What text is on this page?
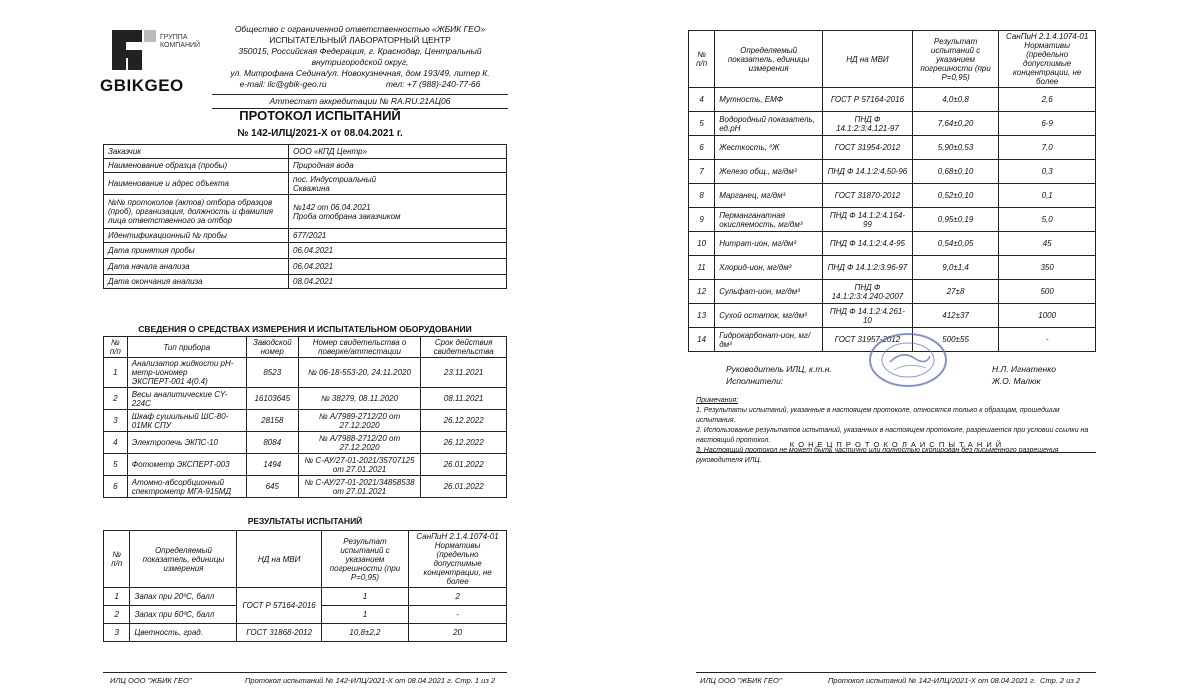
GBIKGEO
ГРУППА
КОМПАНИЙ
Общество с ограниченной ответственностью «ЖБИК ГЕО»
ИСПЫТАТЕЛЬНЫЙ ЛАБОРАТОРНЫЙ ЦЕНТР
350015, Российская Федерация, г. Краснодар, Центральный внутригородской округ,
ул. Митрофана Седина/ул. Новокузнечная, дом 193/49, литер К.
e-mail: ilc@gbik-geo.ru	тел: +7 (988)-240-77-66
Аттестат аккредитации № RA.RU.21АЦ06
ПРОТОКОЛ ИСПЫТАНИЙ
№ 142-ИЛЦ/2021-Х от 08.04.2021 г.
Заказчик	ООО «КПД Центр»
Наименование образца (пробы)	Природная вода
Наименование и адрес объекта	пос. Индустриальный
Скважина
№№ протоколов (актов) отбора образцов (проб), организация, должность и фамилия лица ответственного за отбор	№142 от 06.04.2021
Проба отобрана заказчиком
Идентификационный № пробы	677/2021
Дата принятия пробы	06.04.2021
Дата начала анализа	06.04.2021
Дата окончания анализа	08.04.2021
СВЕДЕНИЯ О СРЕДСТВАХ ИЗМЕРЕНИЯ И ИСПЫТАТЕЛЬНОМ ОБОРУДОВАНИИ
№ п/п	Тип прибора	Заводской номер	Номер свидетельства о поверке/аттестации	Срок действия свидетельства
1	Анализатор жидкости рН-метр-иономер ЭКСПЕРТ-001 4(0.4)	8523	№ 06-18-553-20, 24.11.2020	23.11.2021
2	Весы аналитические CY-224C	16103645	№ 38279, 08.11.2020	08.11.2021
3	Шкаф сушильный ШС-80-01МК СПУ	28158	№ А/7989-2712/20 от 27.12.2020	26.12.2022
4	Электропечь ЭКПС-10	8084	№ А/7988-2712/20 от 27.12.2020	26.12.2022
5	Фотометр ЭКСПЕРТ-003	1494	№ С-АУ/27-01-2021/35707125 от 27.01.2021	26.01.2022
6	Атомно-абсорбционный спектрометр МГА-915МД	645	№ С-АУ/27-01-2021/34858538 от 27.01.2021	26.01.2022
РЕЗУЛЬТАТЫ ИСПЫТАНИЙ
№ п/п	Определяемый показатель, единицы измерения	НД на МВИ	Результат испытаний с указанием погрешности (при Р=0,95)	СанПиН 2.1.4.1074-01 Нормативы (предельно допустимые концентрации, не более
1	Запах при 20ºС, балл	ГОСТ Р 57164-2016	1	2
2	Запах при 60ºС, балл		1	-
3	Цветность, град.	ГОСТ 31868-2012	10,8±2,2	20
ИЛЦ ООО "ЖБИК ГЕО"	Протокол испытаний № 142-ИЛЦ/2021-Х от 08.04.2021 г. Стр. 1 из 2
№ п/п	Определяемый показатель, единицы измерения	НД на МВИ	Результат испытаний с указанием погрешности (при Р=0,95)	СанПиН 2.1.4.1074-01 Нормативы (предельно допустимые концентрации, не более
4	Мутность, ЕМФ	ГОСТ Р 57164-2016	4,0±0,8	2,6
5	Водородный показатель, ед.рН	ПНД Ф 14.1:2:3:4.121-97	7,64±0,20	6-9
6	Жесткость, ºЖ	ГОСТ 31954-2012	5,90±0,53	7,0
7	Железо общ., мг/дм³	ПНД Ф 14.1:2:4.50-96	0,68±0,10	0,3
8	Марганец, мг/дм³	ГОСТ 31870-2012	0,52±0,10	0,1
9	Перманганатная окисляемость, мг/дм³	ПНД Ф 14.1:2:4.154-99	0,95±0,19	5,0
10	Нитрат-ион, мг/дм³	ПНД Ф 14.1:2:4.4-95	0,54±0,05	45
11	Хлорид-ион, мг/дм³	ПНД Ф 14.1:2:3.96-97	9,0±1,4	350
12	Сульфат-ион, мг/дм³	ПНД Ф 14.1:2:3:4.240-2007	27±8	500
13	Сухой остаток, мг/дм³	ПНД Ф 14.1:2:4.261-10	412±37	1000
14	Гидрокарбонат-ион, мг/дм³	ГОСТ 31957-2012	500±55	-
Руководитель ИЛЦ, к.т.н.	Н.Л. Игнатенко
Исполнители:	Ж.О. Малюк
Примечания:
1. Результаты испытаний, указанные в настоящем протоколе, относятся только к образцам, прошедшим испытания.
2. Использование результатов испытаний, указанных в настоящем протоколе, разрешается при условии ссылки на настоящий протокол.
3. Настоящий протокол не может быть частично или полностью скопирован без письменного разрешения руководителя ИЛЦ.
К О Н Е Ц П Р О Т О К О Л А И С П Ы Т А Н И Й
ИЛЦ ООО "ЖБИК ГЕО"	Протокол испытаний № 142-ИЛЦ/2021-Х от 08.04.2021 г. Стр. 2 из 2
